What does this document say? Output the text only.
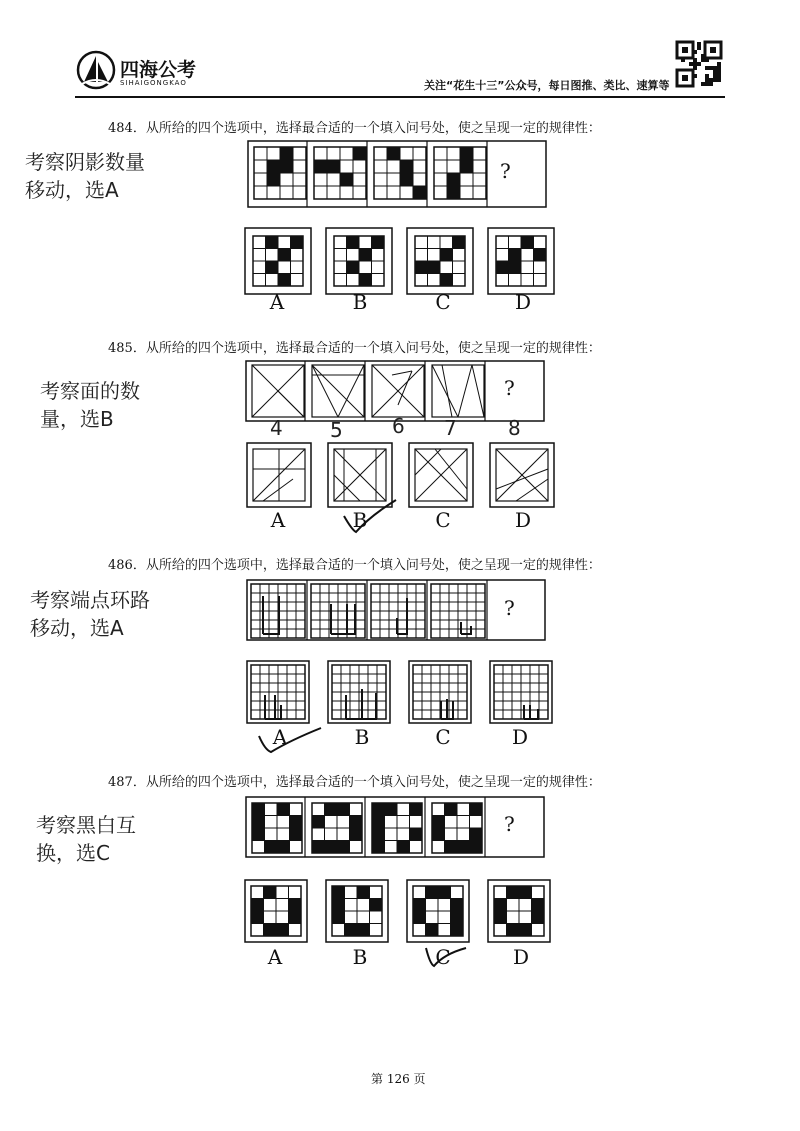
四海公考
SIHAIGONGKAO	关注“花生十三”公众号，每日图推、类比、速算等
484．从所给的四个选项中，选择最合适的一个填入问号处，使之呈现一定的规律性：
考察阴影数量
移动，选A
?
A	B	C	D
485．从所给的四个选项中，选择最合适的一个填入问号处，使之呈现一定的规律性：
考察面的数
量，选B
?
4 5 6 7	8
A	B	C	D
486．从所给的四个选项中，选择最合适的一个填入问号处，使之呈现一定的规律性：
考察端点环路
移动，选A
?
A	B	C	D
487．从所给的四个选项中，选择最合适的一个填入问号处，使之呈现一定的规律性：
考察黑白互
换，选C
?
A	B	C	D
第 126 页
